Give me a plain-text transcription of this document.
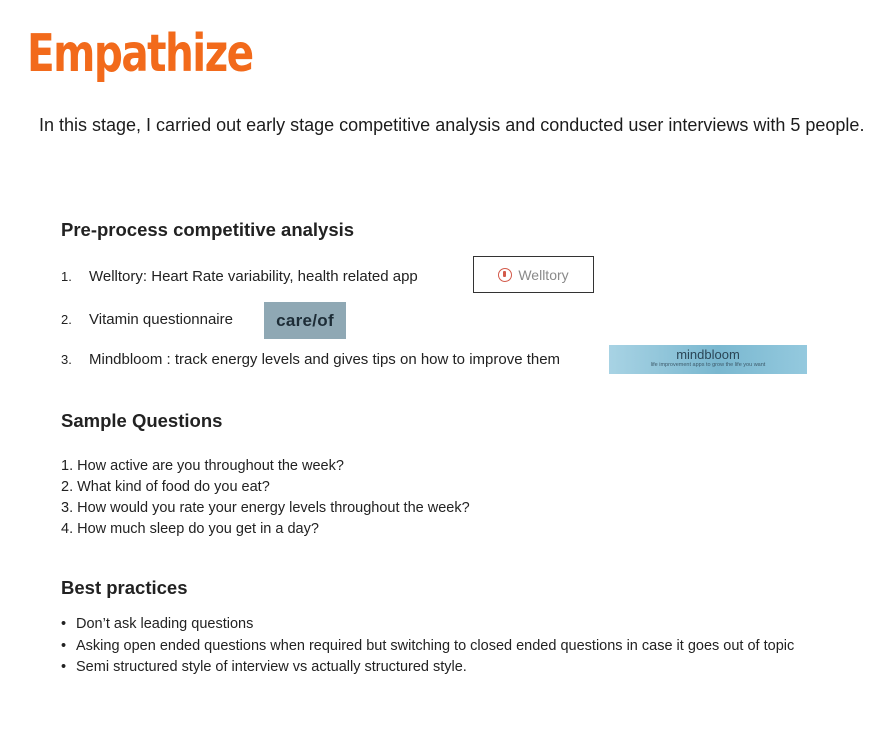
Empathize
In this stage, I carried out early stage competitive analysis and conducted user interviews with 5 people.
Pre-process competitive analysis
1. Welltory: Heart Rate variability, health related app	Welltory
2. Vitamin questionnaire	care/of
3. Mindbloom : track energy levels and gives tips on how to improve them	mindbloom
life improvement apps to grow the life you want
Sample Questions
1. How active are you throughout the week?
2. What kind of food do you eat?
3. How would you rate your energy levels throughout the week?
4. How much sleep do you get in a day?
Best practices
• Don’t ask leading questions
• Asking open ended questions when required but switching to closed ended questions in case it goes out of topic
• Semi structured style of interview vs actually structured style.
